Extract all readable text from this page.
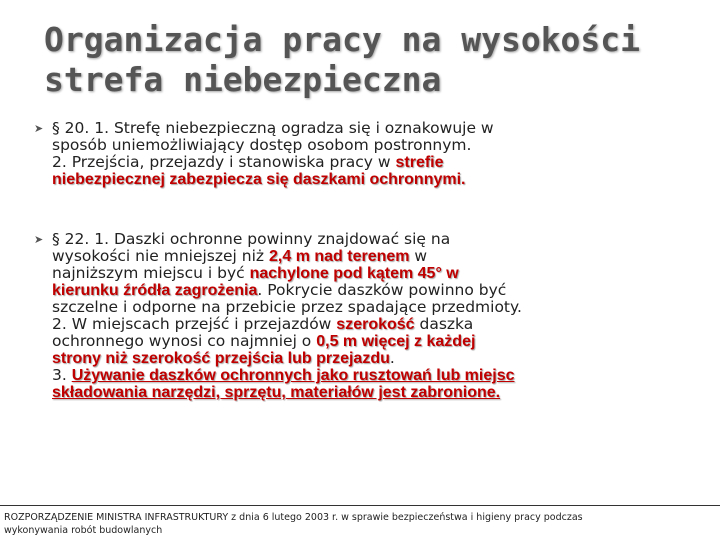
Organizacja pracy na wysokości
strefa niebezpieczna
➤ § 20. 1. Strefę niebezpieczną ogradza się i oznakowuje w
sposób uniemożliwiający dostęp osobom postronnym.
2. Przejścia, przejazdy i stanowiska pracy w strefie
niebezpiecznej zabezpiecza się daszkami ochronnymi.
➤ § 22. 1. Daszki ochronne powinny znajdować się na
wysokości nie mniejszej niż 2,4 m nad terenem w
najniższym miejscu i być nachylone pod kątem 45° w
kierunku źródła zagrożenia. Pokrycie daszków powinno być
szczelne i odporne na przebicie przez spadające przedmioty.
2. W miejscach przejść i przejazdów szerokość daszka
ochronnego wynosi co najmniej o 0,5 m więcej z każdej
strony niż szerokość przejścia lub przejazdu.
3. Używanie daszków ochronnych jako rusztowań lub miejsc
składowania narzędzi, sprzętu, materiałów jest zabronione.
ROZPORZĄDZENIE MINISTRA INFRASTRUKTURY z dnia 6 lutego 2003 r. w sprawie bezpieczeństwa i higieny pracy podczas
wykonywania robót budowlanych
